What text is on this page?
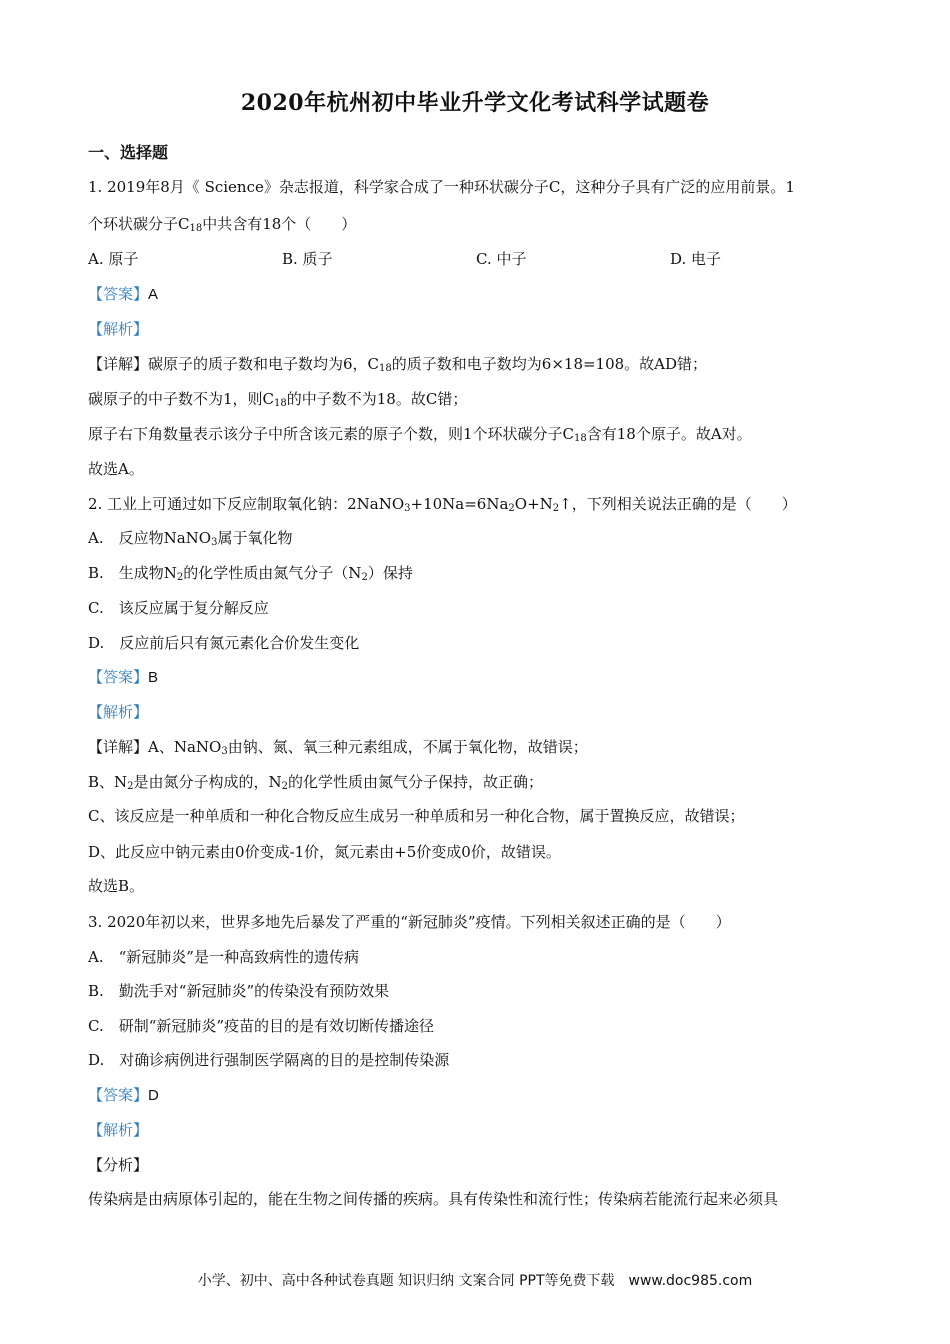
2020年杭州初中毕业升学文化考试科学试题卷
一、选择题
1. 2019年8月《 Science》杂志报道，科学家合成了一种环状碳分子C，这种分子具有广泛的应用前景。1
个环状碳分子$C_{18}$中共含有18个（　　）
A. 原子	B. 质子	C. 中子	D. 电子
【答案】A
【解析】
【详解】碳原子的质子数和电子数均为6，$C_{18}$的质子数和电子数均为6×18=108。故AD错；
碳原子的中子数不为1，则$C_{18}$的中子数不为18。故C错；
原子右下角数量表示该分子中所含该元素的原子个数，则1个环状碳分子$C_{18}$含有18个原子。故A对。
故选A。
2. 工业上可通过如下反应制取氧化钠：$2NaNO_3+10Na=6Na_2O+N_2↑$，下列相关说法正确的是（　　）
A.　反应物NaNO$_3$属于氧化物
B.　生成物$N_2$的化学性质由氮气分子$(N_2)$保持
C.　该反应属于复分解反应
D.　反应前后只有氮元素化合价发生变化
【答案】B
【解析】
【详解】A、NaNO$_3$由钠、氮、氧三种元素组成，不属于氧化物，故错误；
B、$N_2$是由氮分子构成的，$N_2$的化学性质由氮气分子保持，故正确；
C、该反应是一种单质和一种化合物反应生成另一种单质和另一种化合物，属于置换反应，故错误；
D、此反应中钠元素由0价变成-1价，氮元素由+5价变成0价，故错误。
故选B。
3. 2020年初以来，世界多地先后暴发了严重的“新冠肺炎”疫情。下列相关叙述正确的是（　　）
A.　“新冠肺炎”是一种高致病性的遗传病
B.　勤洗手对“新冠肺炎”的传染没有预防效果
C.　研制“新冠肺炎”疫苗的目的是有效切断传播途径
D.　对确诊病例进行强制医学隔离的目的是控制传染源
【答案】D
【解析】
【分析】
传染病是由病原体引起的，能在生物之间传播的疾病。具有传染性和流行性；传染病若能流行起来必须具
小学、初中、高中各种试卷真题 知识归纳 文案合同 PPT等免费下载　www.doc985.com
